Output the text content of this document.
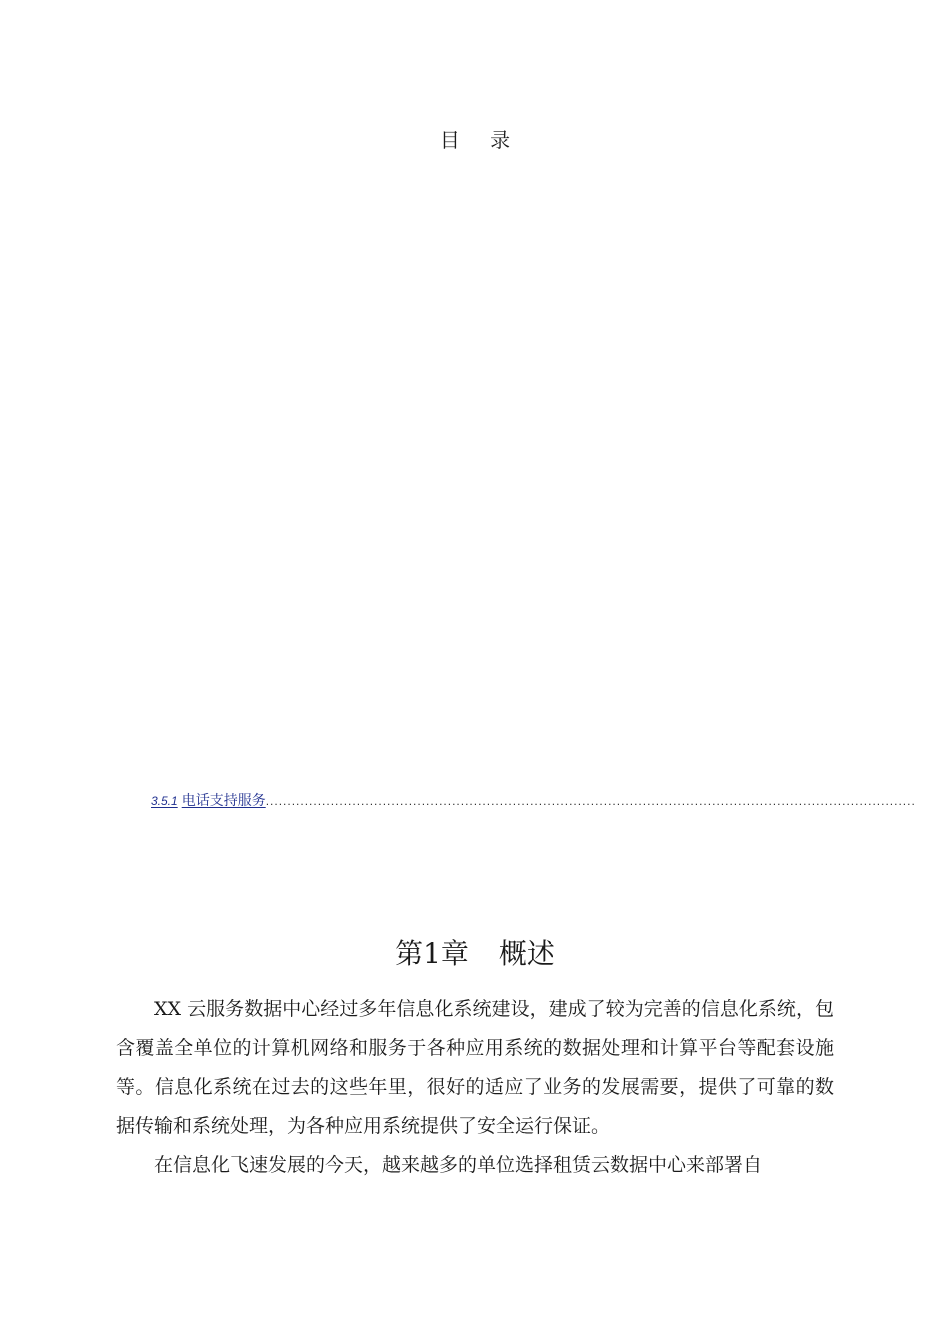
目 录
3.5.1 电话支持服务 ......................................................................................................................................................
第1章 概述

XX 云服务数据中心经过多年信息化系统建设，建成了较为完善的信息化系统，包含覆盖全单位的计算机网络和服务于各种应用系统的数据处理和计算平台等配套设施等。信息化系统在过去的这些年里，很好的适应了业务的发展需要，提供了可靠的数据传输和系统处理，为各种应用系统提供了安全运行保证。

在信息化飞速发展的今天，越来越多的单位选择租赁云数据中心来部署自
